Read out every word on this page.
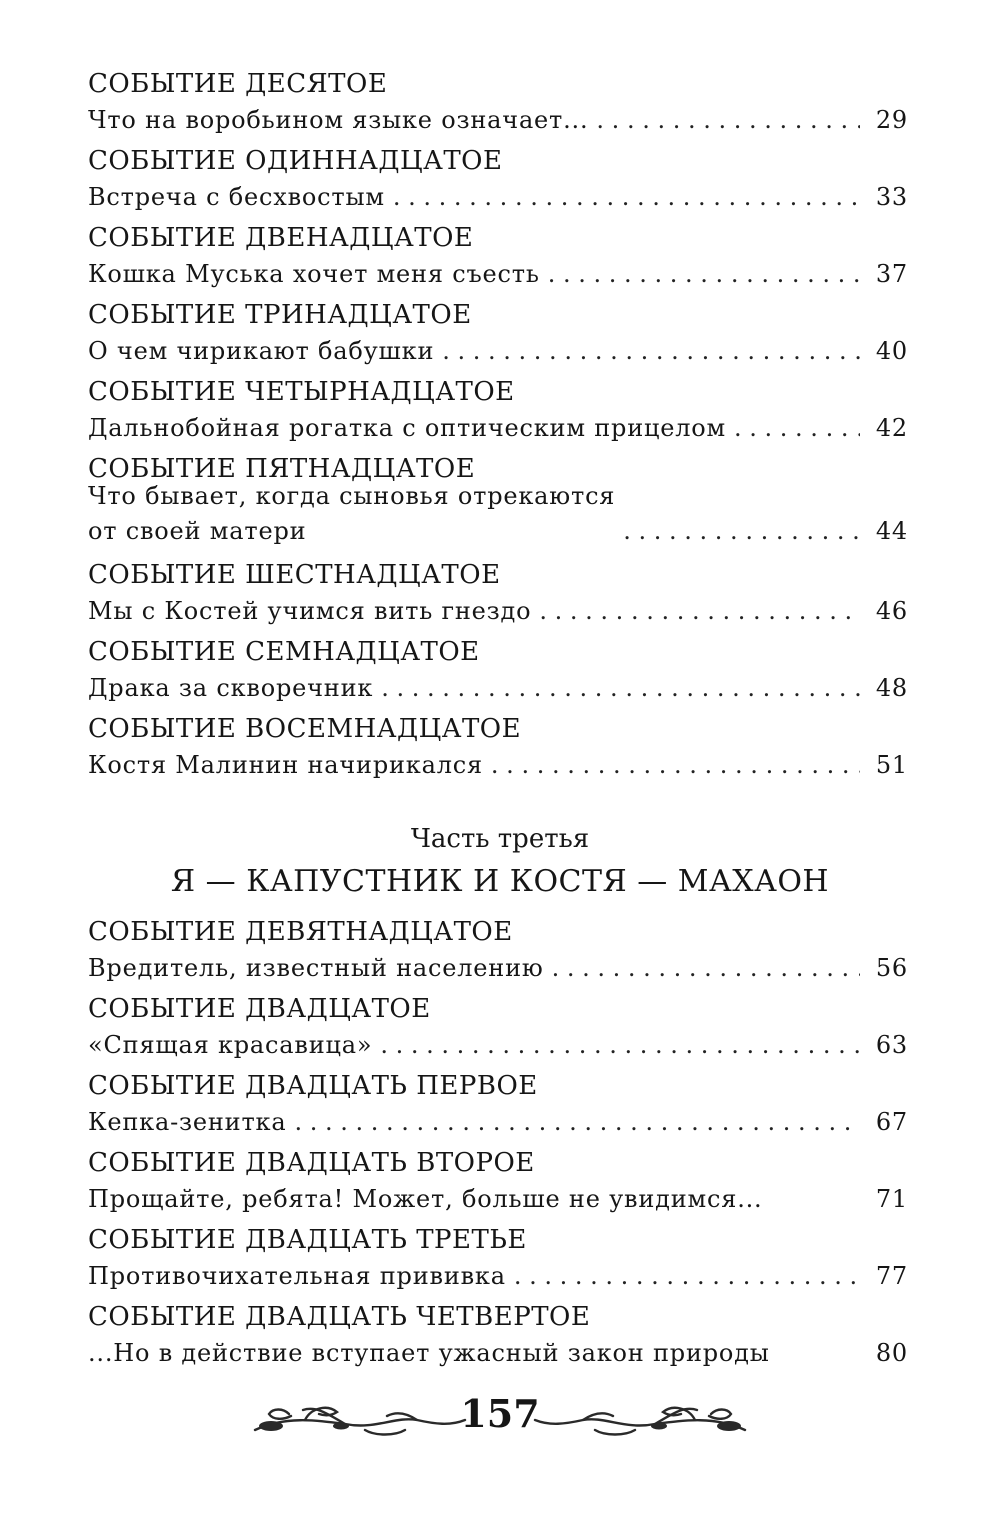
СОБЫТИЕ ДЕСЯТОЕ
Что на воробьином языке означает... . . .	29
СОБЫТИЕ ОДИННАДЦАТОЕ
Встреча с бесхвостым . . .	33
СОБЫТИЕ ДВЕНАДЦАТОЕ
Кошка Муська хочет меня съесть . . .	37
СОБЫТИЕ ТРИНАДЦАТОЕ
О чем чирикают бабушки . . .	40
СОБЫТИЕ ЧЕТЫРНАДЦАТОЕ
Дальнобойная рогатка с оптическим прицелом . . .	42
СОБЫТИЕ ПЯТНАДЦАТОЕ
Что бывает, когда сыновья отрекаются
от своей матери . . .	44
СОБЫТИЕ ШЕСТНАДЦАТОЕ
Мы с Костей учимся вить гнездо . . .	46
СОБЫТИЕ СЕМНАДЦАТОЕ
Драка за скворечник . . .	48
СОБЫТИЕ ВОСЕМНАДЦАТОЕ
Костя Малинин начирикался . . .	51
Часть третья
Я — КАПУСТНИК И КОСТЯ — МАХАОН
СОБЫТИЕ ДЕВЯТНАДЦАТОЕ
Вредитель, известный населению . . .	56
СОБЫТИЕ ДВАДЦАТОЕ
«Спящая красавица» . . .	63
СОБЫТИЕ ДВАДЦАТЬ ПЕРВОЕ
Кепка-зенитка . . .	67
СОБЫТИЕ ДВАДЦАТЬ ВТОРОЕ
Прощайте, ребята! Может, больше не увидимся...	71
СОБЫТИЕ ДВАДЦАТЬ ТРЕТЬЕ
Противочихательная прививка . . .	77
СОБЫТИЕ ДВАДЦАТЬ ЧЕТВЕРТОЕ
...Но в действие вступает ужасный закон природы	80
157
